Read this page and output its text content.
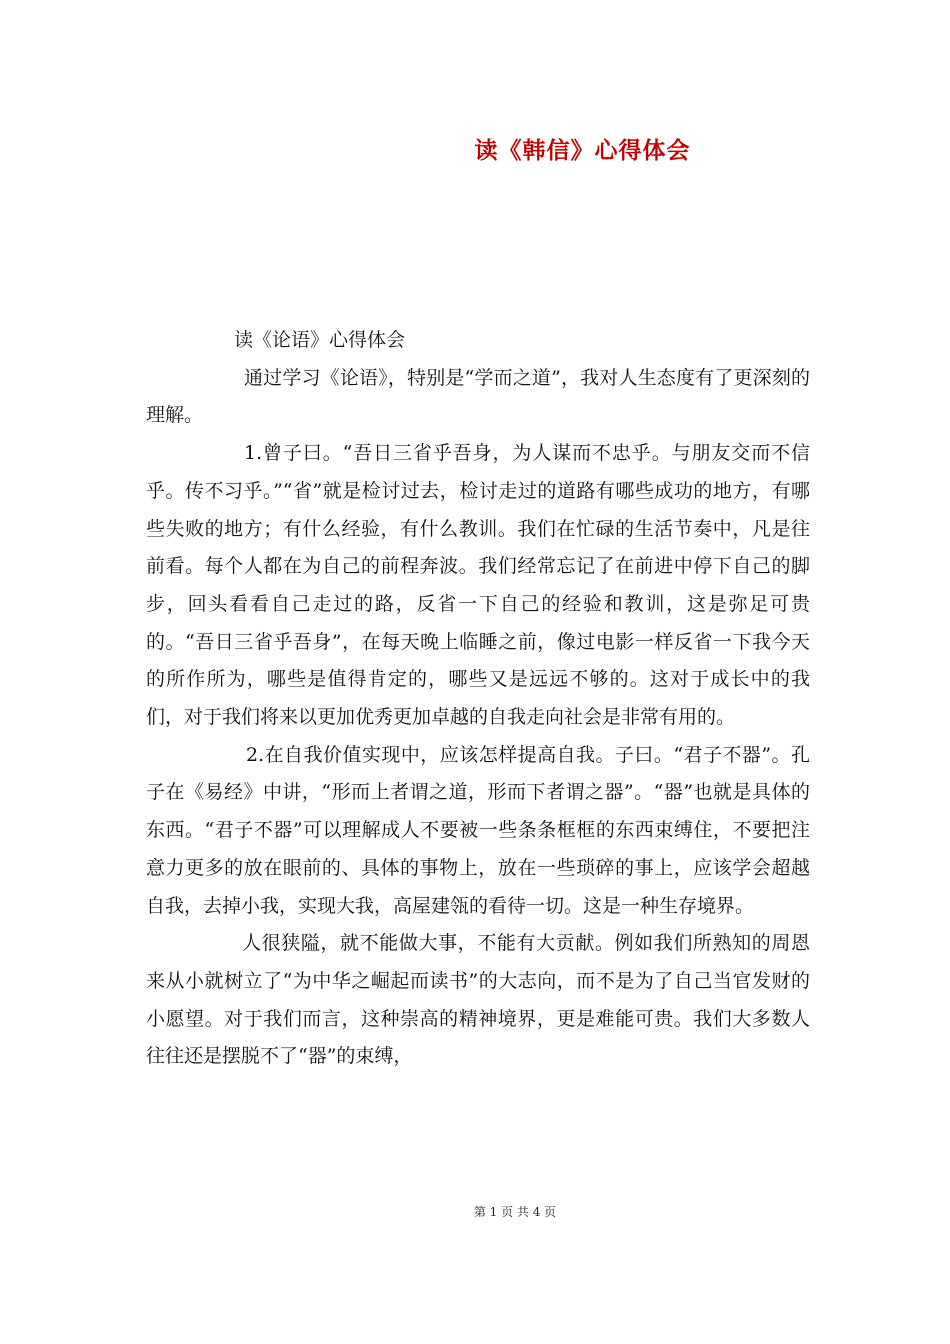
读《韩信》心得体会

读《论语》心得体会

通过学习《论语》，特别是“学而之道”，我对人生态度有了更深刻的理解。

1.曾子曰。“吾日三省乎吾身，为人谋而不忠乎。与朋友交而不信乎。传不习乎。”“省”就是检讨过去，检讨走过的道路有哪些成功的地方，有哪些失败的地方；有什么经验，有什么教训。我们在忙碌的生活节奏中，凡是往前看。每个人都在为自己的前程奔波。我们经常忘记了在前进中停下自己的脚步，回头看看自己走过的路，反省一下自己的经验和教训，这是弥足可贵的。“吾日三省乎吾身”，在每天晚上临睡之前，像过电影一样反省一下我今天的所作所为，哪些是值得肯定的，哪些又是远远不够的。这对于成长中的我们，对于我们将来以更加优秀更加卓越的自我走向社会是非常有用的。

2.在自我价值实现中，应该怎样提高自我。子曰。“君子不器”。孔子在《易经》中讲，“形而上者谓之道，形而下者谓之器”。“器”也就是具体的东西。“君子不器”可以理解成人不要被一些条条框框的东西束缚住，不要把注意力更多的放在眼前的、具体的事物上，放在一些琐碎的事上，应该学会超越自我，去掉小我，实现大我，高屋建瓴的看待一切。这是一种生存境界。

人很狭隘，就不能做大事，不能有大贡献。例如我们所熟知的周恩来从小就树立了“为中华之崛起而读书”的大志向，而不是为了自己当官发财的小愿望。对于我们而言，这种崇高的精神境界，更是难能可贵。我们大多数人往往还是摆脱不了“器”的束缚，

第 1 页 共 4 页
